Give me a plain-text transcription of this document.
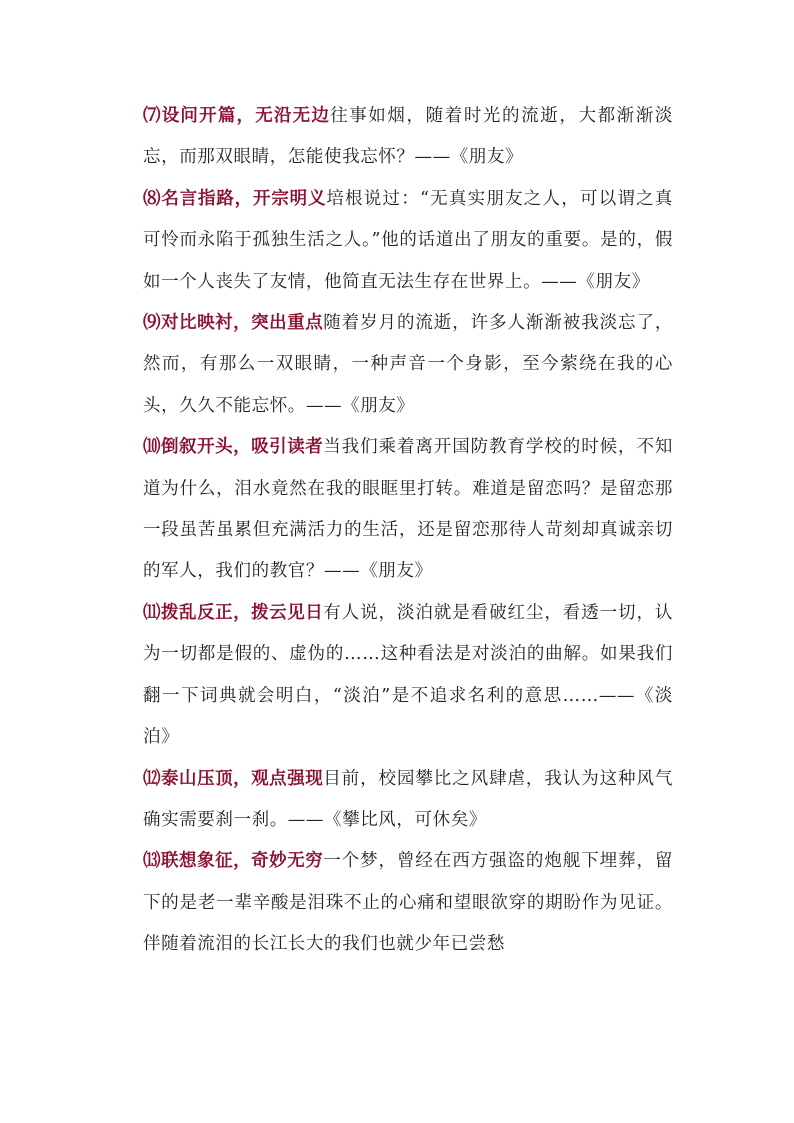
⑺设问开篇，无沿无边往事如烟，随着时光的流逝，大都渐渐淡忘，而那双眼睛，怎能使我忘怀？——《朋友》

⑻名言指路，开宗明义培根说过：“无真实朋友之人，可以谓之真可怜而永陷于孤独生活之人。”他的话道出了朋友的重要。是的，假如一个人丧失了友情，他简直无法生存在世界上。——《朋友》

⑼对比映衬，突出重点随着岁月的流逝，许多人渐渐被我淡忘了，然而，有那么一双眼睛，一种声音一个身影，至今萦绕在我的心头，久久不能忘怀。——《朋友》

⑽倒叙开头，吸引读者当我们乘着离开国防教育学校的时候，不知道为什么，泪水竟然在我的眼眶里打转。难道是留恋吗？是留恋那一段虽苦虽累但充满活力的生活，还是留恋那待人苛刻却真诚亲切的军人，我们的教官？——《朋友》

⑾拨乱反正，拨云见日有人说，淡泊就是看破红尘，看透一切，认为一切都是假的、虚伪的……这种看法是对淡泊的曲解。如果我们翻一下词典就会明白，“淡泊”是不追求名利的意思……——《淡泊》

⑿泰山压顶，观点强现目前，校园攀比之风肆虐，我认为这种风气确实需要刹一刹。——《攀比风，可休矣》

⒀联想象征，奇妙无穷一个梦，曾经在西方强盗的炮舰下埋葬，留下的是老一辈辛酸是泪珠不止的心痛和望眼欲穿的期盼作为见证。伴随着流泪的长江长大的我们也就少年已尝愁
